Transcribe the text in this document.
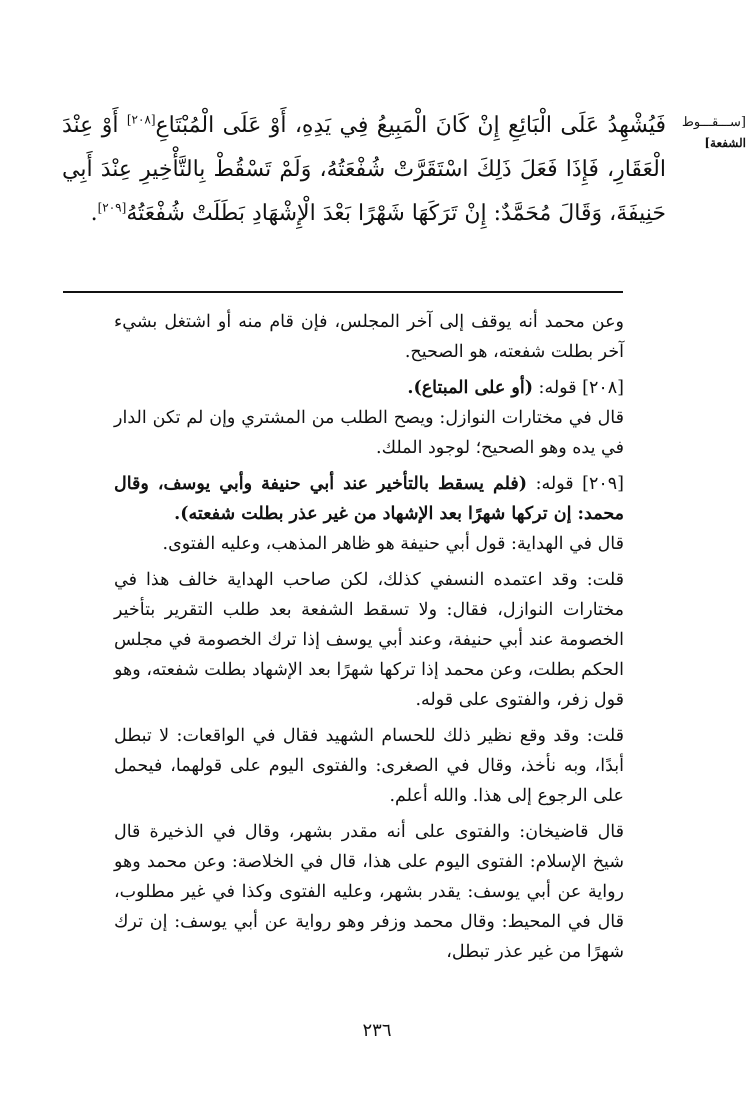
[ســـقـــوط
الشفعة]
فَيُشْهِدُ عَلَى الْبَائِعِ إِنْ كَانَ الْمَبِيعُ فِي يَدِهِ، أَوْ عَلَى الْمُبْتَاعِ[٢٠٨] أَوْ عِنْدَ الْعَقَارِ، فَإِذَا فَعَلَ ذَلِكَ اسْتَقَرَّتْ شُفْعَتُهُ، وَلَمْ تَسْقُطْ بِالتَّأْخِيرِ عِنْدَ أَبِي حَنِيفَةَ، وَقَالَ مُحَمَّدٌ: إِنْ تَرَكَهَا شَهْرًا بَعْدَ الْإِشْهَادِ بَطَلَتْ شُفْعَتُهُ[٢٠٩].

وعن محمد أنه يوقف إلى آخر المجلس، فإن قام منه أو اشتغل بشيء آخر بطلت شفعته، هو الصحيح.

[٢٠٨] قوله: (أو على المبتاع).

قال في مختارات النوازل: ويصح الطلب من المشتري وإن لم تكن الدار في يده وهو الصحيح؛ لوجود الملك.

[٢٠٩] قوله: (فلم يسقط بالتأخير عند أبي حنيفة وأبي يوسف، وقال محمد: إن تركها شهرًا بعد الإشهاد من غير عذر بطلت شفعته).

قال في الهداية: قول أبي حنيفة هو ظاهر المذهب، وعليه الفتوى.

قلت: وقد اعتمده النسفي كذلك، لكن صاحب الهداية خالف هذا في مختارات النوازل، فقال: ولا تسقط الشفعة بعد طلب التقرير بتأخير الخصومة عند أبي حنيفة، وعند أبي يوسف إذا ترك الخصومة في مجلس الحكم بطلت، وعن محمد إذا تركها شهرًا بعد الإشهاد بطلت شفعته، وهو قول زفر، والفتوى على قوله.

قلت: وقد وقع نظير ذلك للحسام الشهيد فقال في الواقعات: لا تبطل أبدًا، وبه نأخذ، وقال في الصغرى: والفتوى اليوم على قولهما، فيحمل على الرجوع إلى هذا. والله أعلم.

قال قاضيخان: والفتوى على أنه مقدر بشهر، وقال في الذخيرة قال شيخ الإسلام: الفتوى اليوم على هذا، قال في الخلاصة: وعن محمد وهو رواية عن أبي يوسف: يقدر بشهر، وعليه الفتوى وكذا في غير مطلوب، قال في المحيط: وقال محمد وزفر وهو رواية عن أبي يوسف: إن ترك شهرًا من غير عذر تبطل،

٢٣٦
